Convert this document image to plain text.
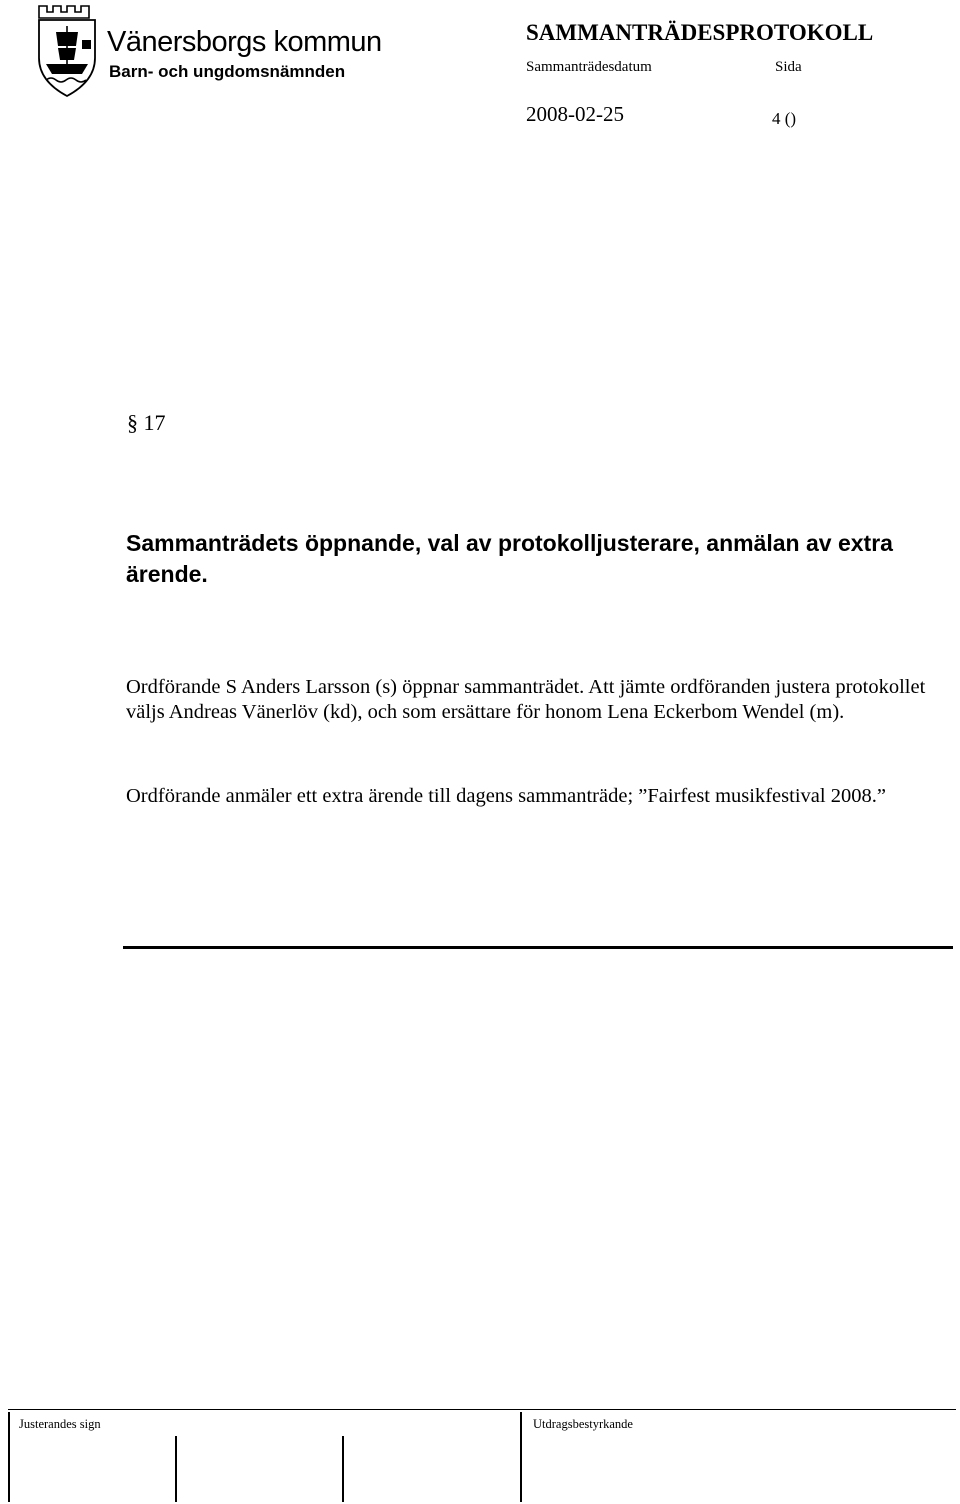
Vänersborgs kommun
Barn- och ungdomsnämnden
SAMMANTRÄDESPROTOKOLL
Sammanträdesdatum	Sida
2008-02-25	4 ()
§ 17
Sammanträdets öppnande, val av protokolljusterare, anmälan av extra ärende.
Ordförande S Anders Larsson (s) öppnar sammanträdet. Att jämte ordföranden justera protokollet väljs Andreas Vänerlöv (kd), och som ersättare för honom Lena Eckerbom Wendel (m).
Ordförande anmäler ett extra ärende till dagens sammanträde; ”Fairfest musikfestival 2008.”
Justerandes sign	Utdragsbestyrkande
